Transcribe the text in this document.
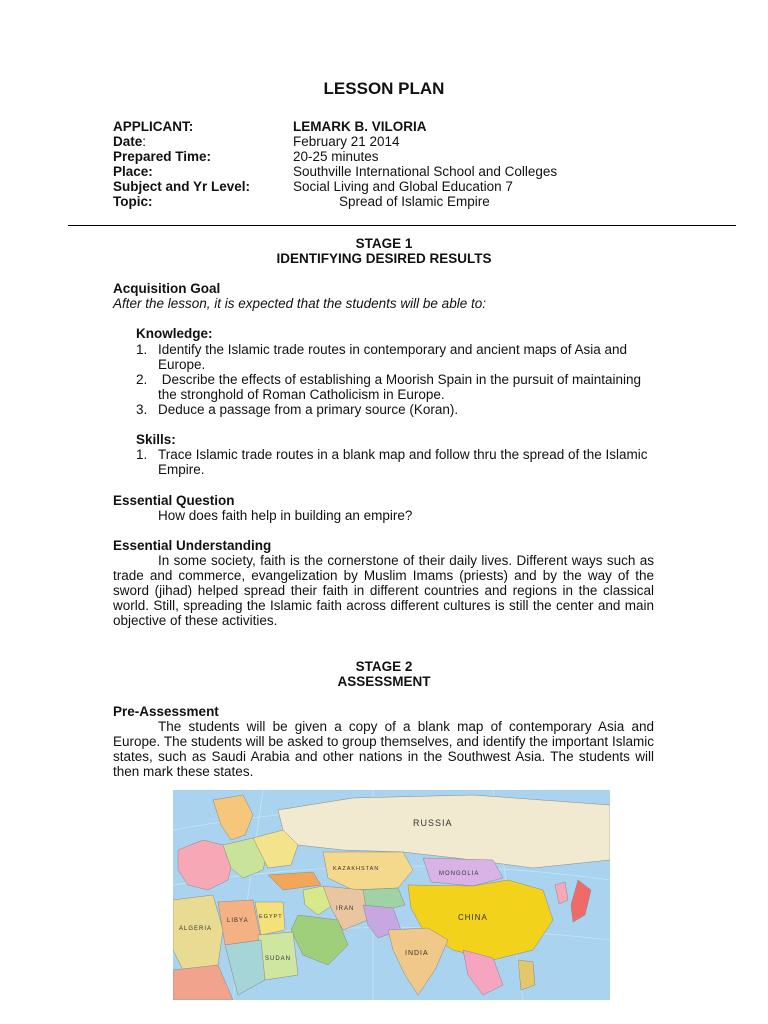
LESSON PLAN
APPLICANT:	LEMARK B. VILORIA
Date:	February 21 2014
Prepared Time:	20-25 minutes
Place:	Southville International School and Colleges
Subject and Yr Level:	Social Living and Global Education 7
Topic:	Spread of Islamic Empire
STAGE 1
IDENTIFYING DESIRED RESULTS
Acquisition Goal
After the lesson, it is expected that the students will be able to:
Knowledge:
1. Identify the Islamic trade routes in contemporary and ancient maps of Asia and Europe.
2. Describe the effects of establishing a Moorish Spain in the pursuit of maintaining the stronghold of Roman Catholicism in Europe.
3. Deduce a passage from a primary source (Koran).
Skills:
1. Trace Islamic trade routes in a blank map and follow thru the spread of the Islamic Empire.
Essential Question
How does faith help in building an empire?
Essential Understanding
In some society, faith is the cornerstone of their daily lives. Different ways such as trade and commerce, evangelization by Muslim Imams (priests) and by the way of the sword (jihad) helped spread their faith in different countries and regions in the classical world. Still, spreading the Islamic faith across different cultures is still the center and main objective of these activities.
STAGE 2
ASSESSMENT
Pre-Assessment
The students will be given a copy of a blank map of contemporary Asia and Europe. The students will be asked to group themselves, and identify the important Islamic states, such as Saudi Arabia and other nations in the Southwest Asia. The students will then mark these states.
RUSSIA
KAZAKHSTAN
MONGOLIA
CHINA
INDIA
IRAN
ALGERIA
LIBYA
EGYPT
SUDAN
